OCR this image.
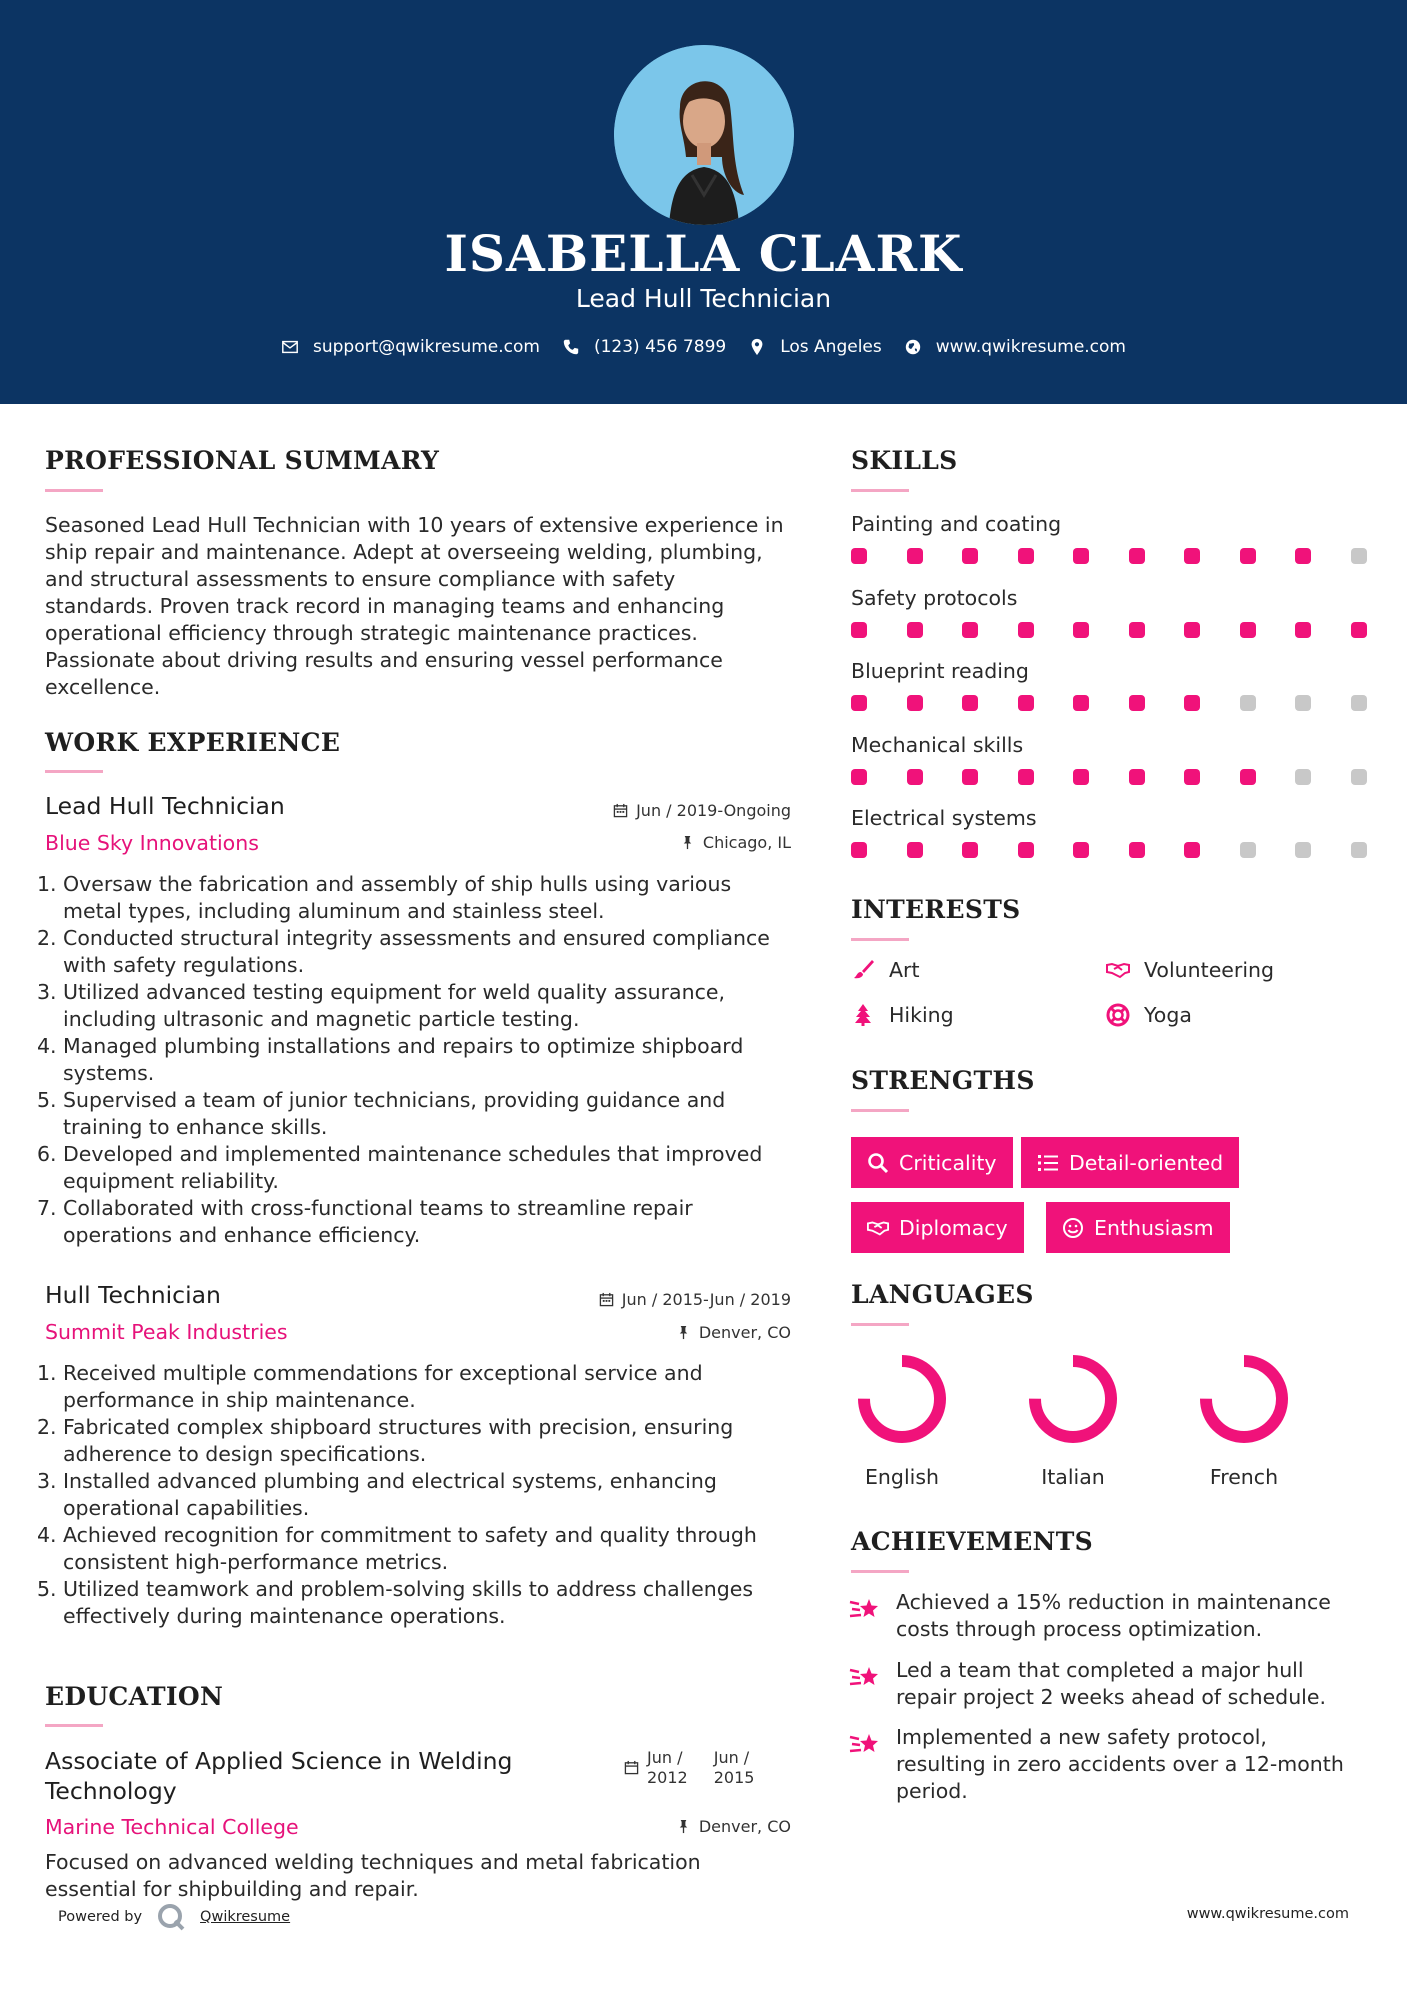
ISABELLA CLARK
Lead Hull Technician
support@qwikresume.com	(123) 456 7899	Los Angeles	www.qwikresume.com
PROFESSIONAL SUMMARY
Seasoned Lead Hull Technician with 10 years of extensive experience in
ship repair and maintenance. Adept at overseeing welding, plumbing,
and structural assessments to ensure compliance with safety
standards. Proven track record in managing teams and enhancing
operational efficiency through strategic maintenance practices.
Passionate about driving results and ensuring vessel performance
excellence.
WORK EXPERIENCE
Lead Hull Technician	Jun / 2019-Ongoing
Blue Sky Innovations	Chicago, IL
1. Oversaw the fabrication and assembly of ship hulls using various
metal types, including aluminum and stainless steel.
2. Conducted structural integrity assessments and ensured compliance
with safety regulations.
3. Utilized advanced testing equipment for weld quality assurance,
including ultrasonic and magnetic particle testing.
4. Managed plumbing installations and repairs to optimize shipboard
systems.
5. Supervised a team of junior technicians, providing guidance and
training to enhance skills.
6. Developed and implemented maintenance schedules that improved
equipment reliability.
7. Collaborated with cross-functional teams to streamline repair
operations and enhance efficiency.
Hull Technician	Jun / 2015-Jun / 2019
Summit Peak Industries	Denver, CO
1. Received multiple commendations for exceptional service and
performance in ship maintenance.
2. Fabricated complex shipboard structures with precision, ensuring
adherence to design specifications.
3. Installed advanced plumbing and electrical systems, enhancing
operational capabilities.
4. Achieved recognition for commitment to safety and quality through
consistent high-performance metrics.
5. Utilized teamwork and problem-solving skills to address challenges
effectively during maintenance operations.
EDUCATION
Associate of Applied Science in Welding
Technology
Jun /
2012
Jun /
2015
Marine Technical College	Denver, CO
Focused on advanced welding techniques and metal fabrication
essential for shipbuilding and repair.
SKILLS
Painting and coating
Safety protocols
Blueprint reading
Mechanical skills
Electrical systems
INTERESTS
Art	Volunteering
Hiking	Yoga
STRENGTHS
Criticality	Detail-oriented
Diplomacy	Enthusiasm
LANGUAGES
English	Italian	French
ACHIEVEMENTS
Achieved a 15% reduction in maintenance
costs through process optimization.
Led a team that completed a major hull
repair project 2 weeks ahead of schedule.
Implemented a new safety protocol,
resulting in zero accidents over a 12-month
period.
Powered by	Qwikresume	www.qwikresume.com
